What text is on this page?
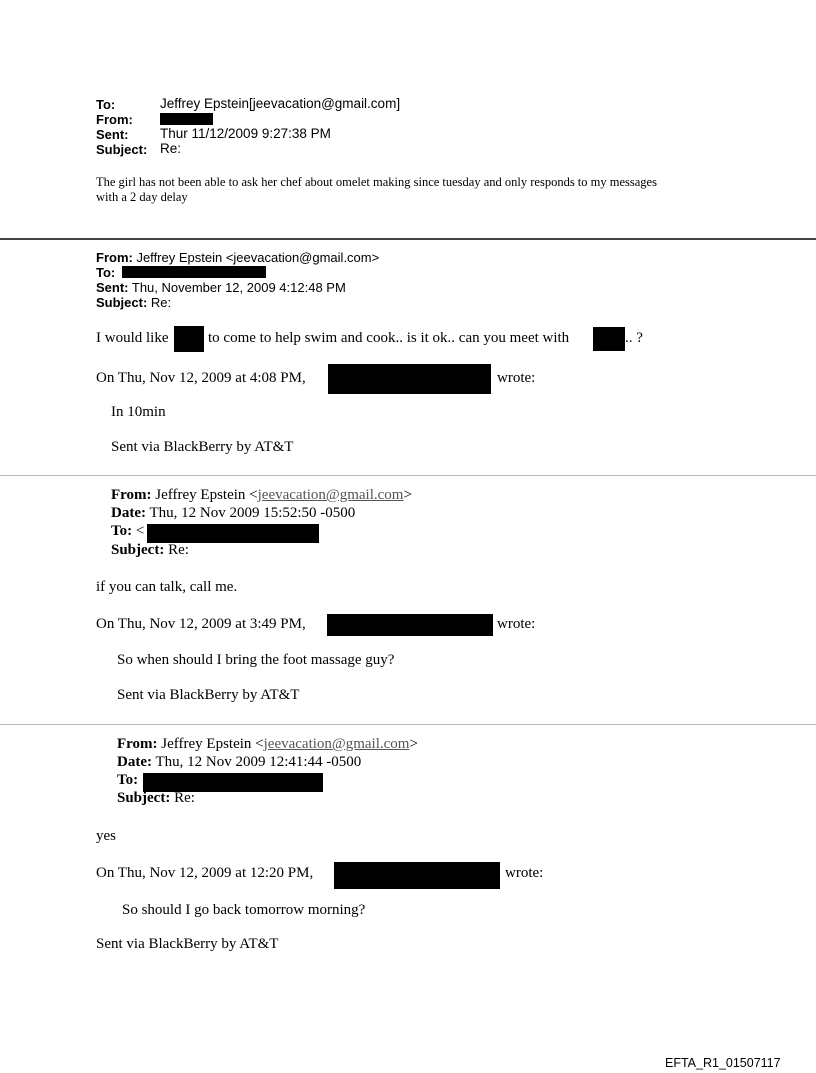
To:	Jeffrey Epstein[jeevacation@gmail.com]
From:
Sent: Thur 11/12/2009 9:27:38 PM
Subject: Re:
The girl has not been able to ask her chef about omelet making since tuesday and only responds to my messages
with a 2 day delay
From: Jeffrey Epstein <jeevacation@gmail.com>
To:
Sent: Thu, November 12, 2009 4:12:48 PM
Subject: Re:
I would like	to come to help swim and cook.. is it ok.. can you meet with	.. ?
On Thu, Nov 12, 2009 at 4:08 PM,	wrote:
In 10min
Sent via BlackBerry by AT&T
From: Jeffrey Epstein <jeevacation@gmail.com>
Date: Thu, 12 Nov 2009 15:52:50 -0500
To: <
Subject: Re:
if you can talk, call me.
On Thu, Nov 12, 2009 at 3:49 PM,	wrote:
So when should I bring the foot massage guy?
Sent via BlackBerry by AT&T
From: Jeffrey Epstein <jeevacation@gmail.com>
Date: Thu, 12 Nov 2009 12:41:44 -0500
To:
Subject: Re:
yes
On Thu, Nov 12, 2009 at 12:20 PM,	wrote:
So should I go back tomorrow morning?
Sent via BlackBerry by AT&T
EFTA_R1_01507117
